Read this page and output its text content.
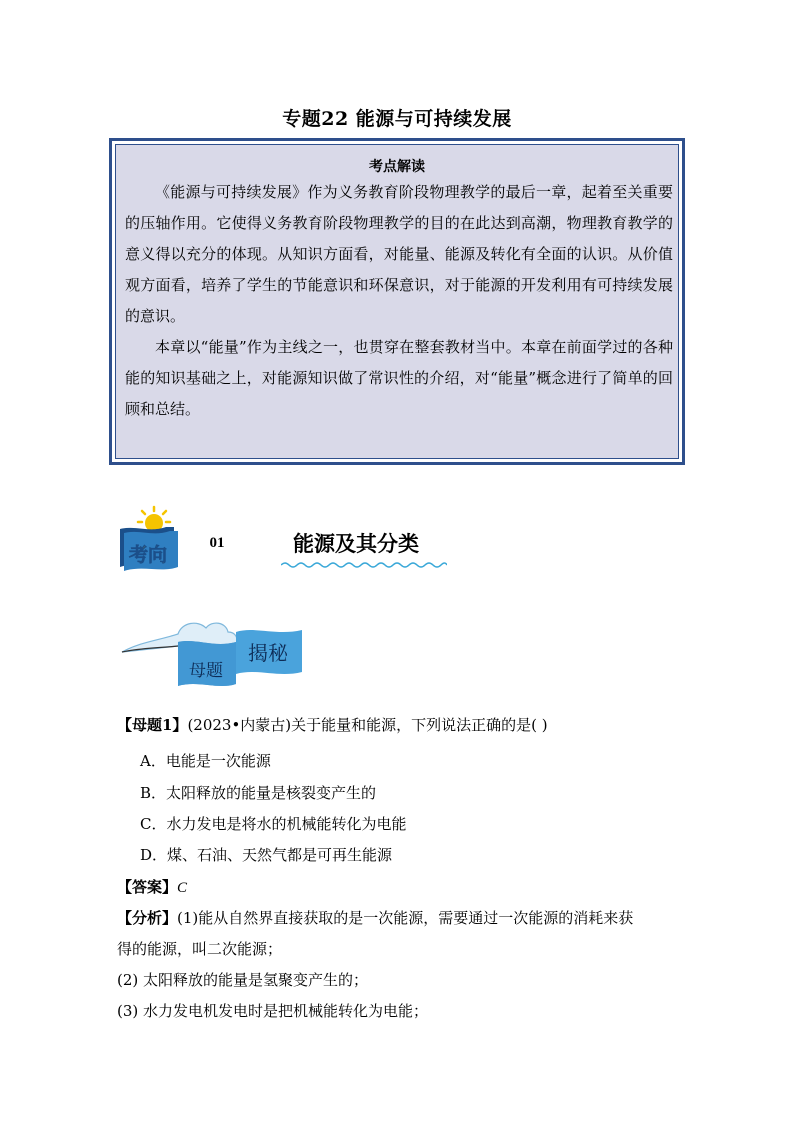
专题22 能源与可持续发展
考点解读

《能源与可持续发展》作为义务教育阶段物理教学的最后一章，起着至关重要的压轴作用。它使得义务教育阶段物理教学的目的在此达到高潮，物理教育教学的意义得以充分的体现。从知识方面看，对能量、能源及转化有全面的认识。从价值观方面看，培养了学生的节能意识和环保意识，对于能源的开发利用有可持续发展的意识。

本章以“能量”作为主线之一，也贯穿在整套教材当中。本章在前面学过的各种能的知识基础之上，对能源知识做了常识性的介绍，对“能量”概念进行了简单的回顾和总结。

考向
01	能源及其分类
母题
揭秘
【母题1】(2023•内蒙古)关于能量和能源，下列说法正确的是( )
A．电能是一次能源
B．太阳释放的能量是核裂变产生的
C．水力发电是将水的机械能转化为电能
D．煤、石油、天然气都是可再生能源
【答案】C
【分析】(1)能从自然界直接获取的是一次能源，需要通过一次能源的消耗来获
得的能源，叫二次能源；
(2) 太阳释放的能量是氢聚变产生的；
(3) 水力发电机发电时是把机械能转化为电能；
